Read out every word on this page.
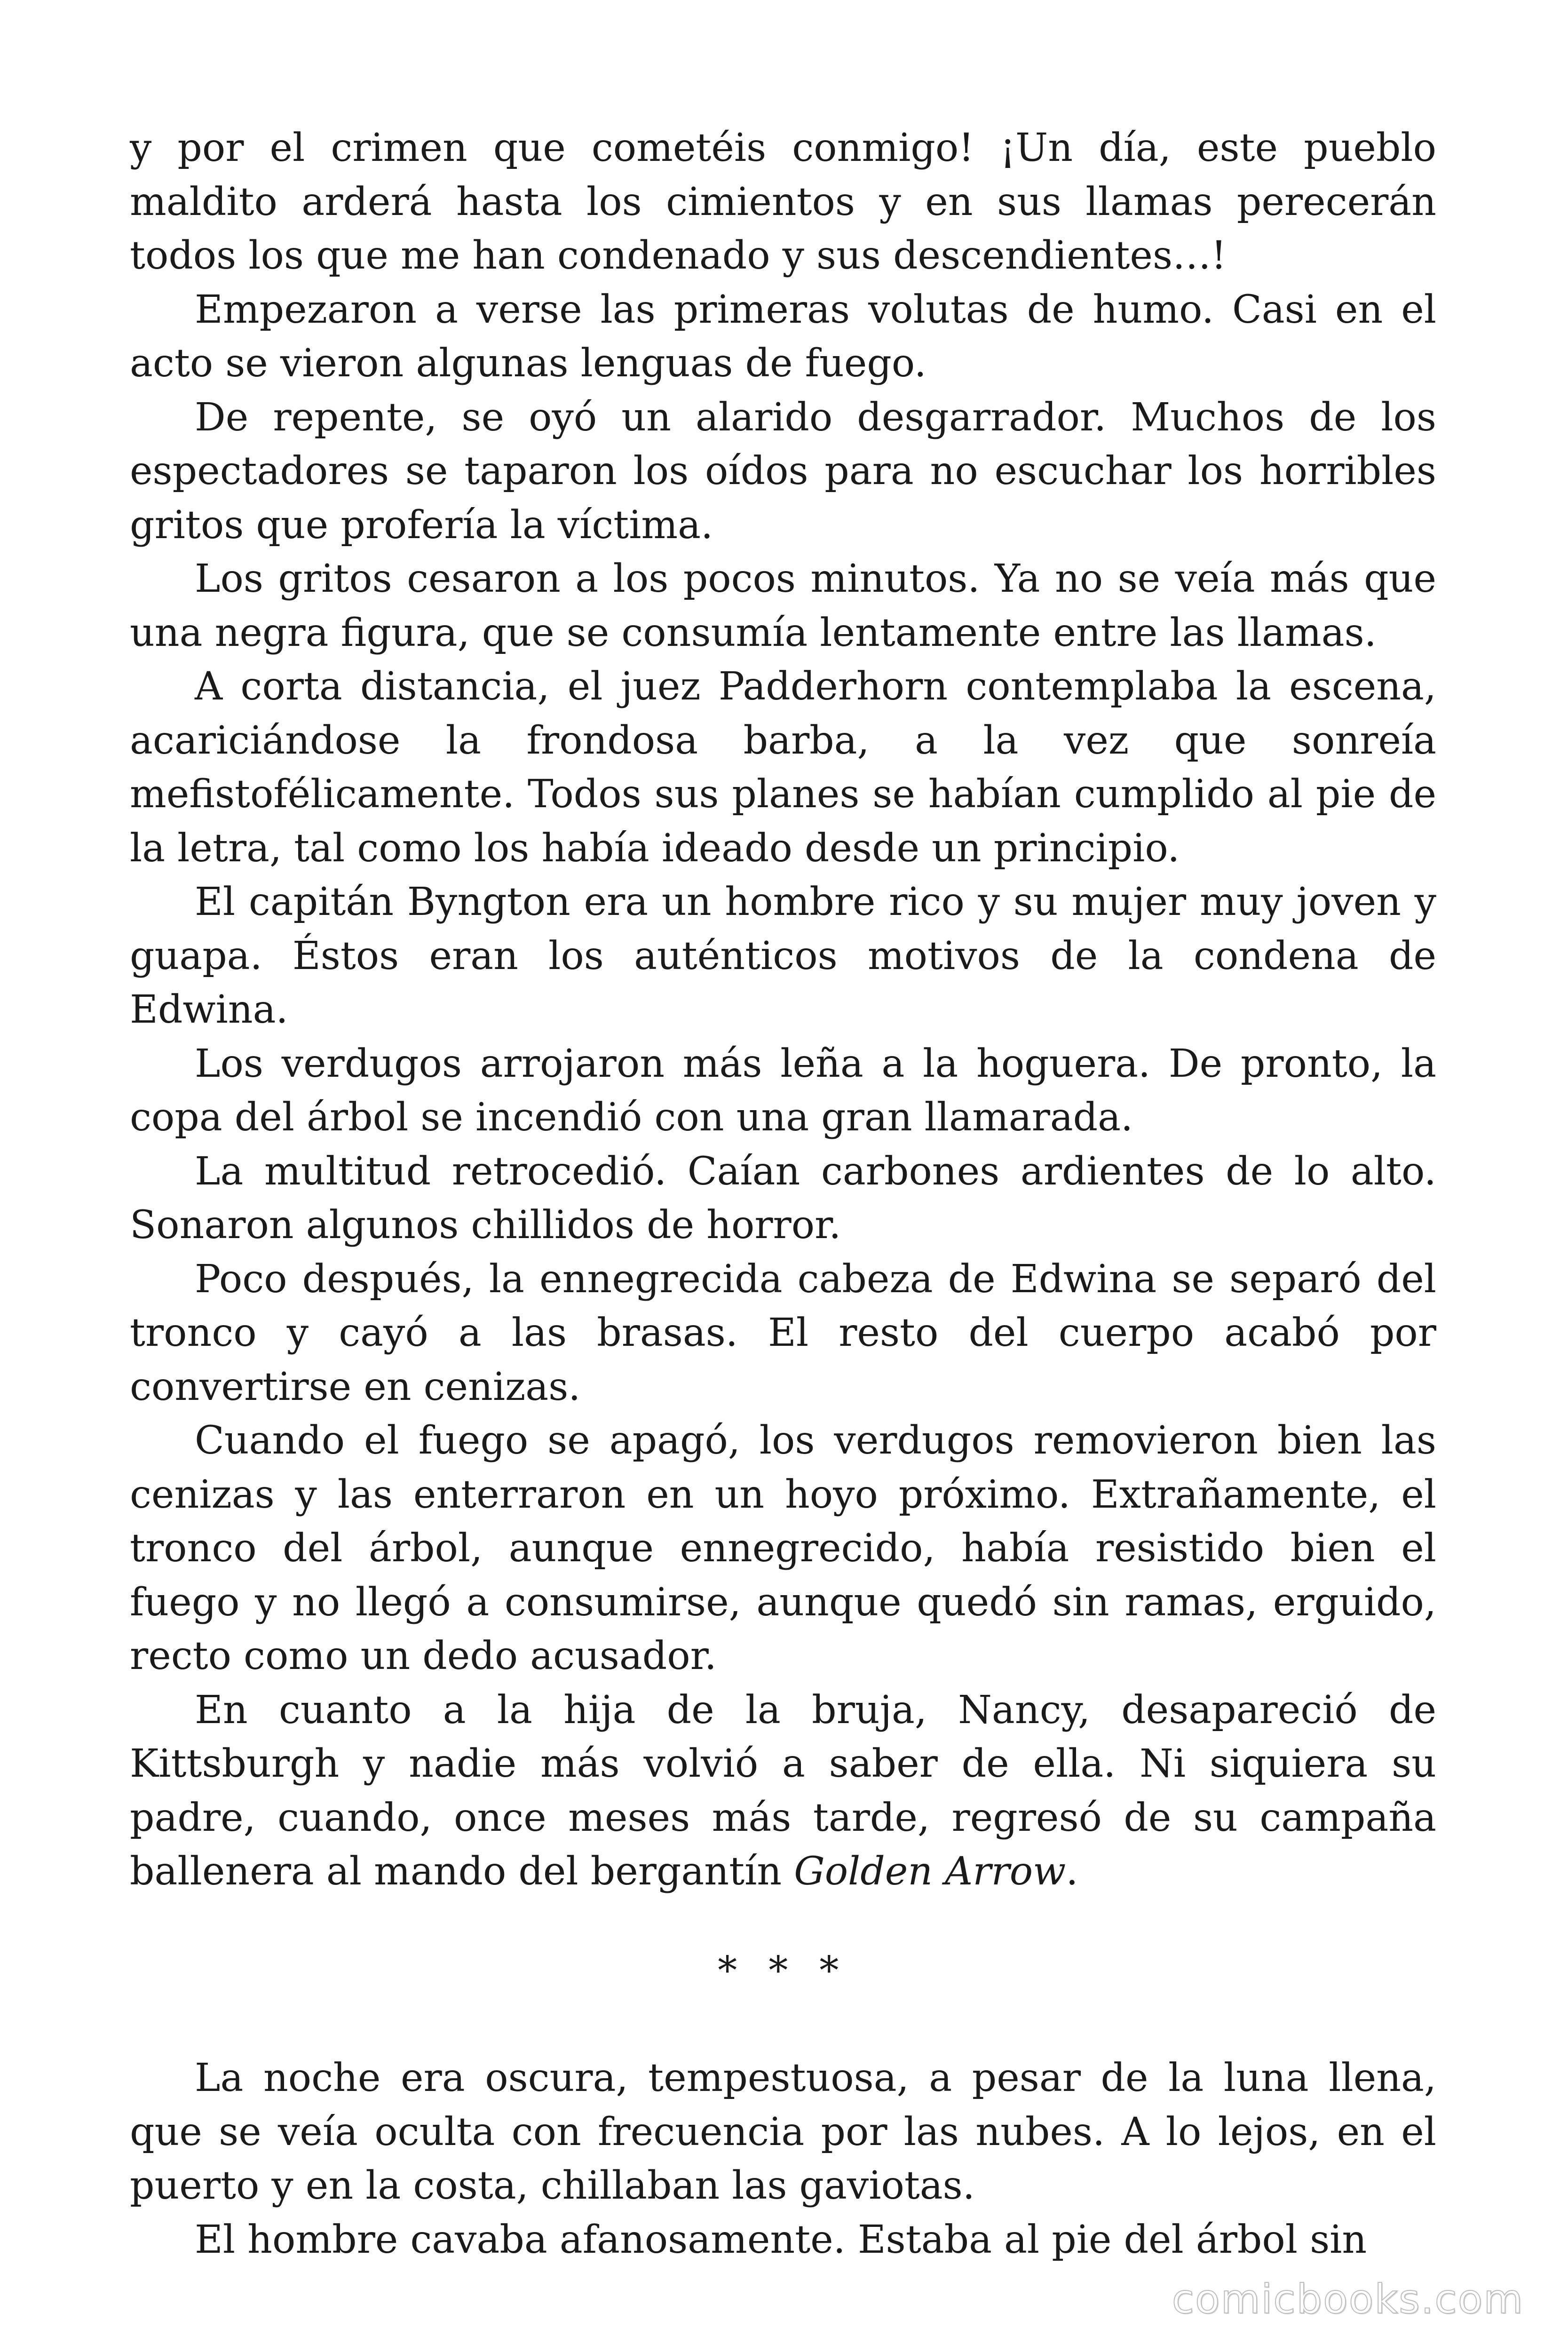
y por el crimen que cometéis conmigo! ¡Un día, este pueblo maldito arderá hasta los cimientos y en sus llamas perecerán todos los que me han condenado y sus descendientes…!

Empezaron a verse las primeras volutas de humo. Casi en el acto se vieron algunas lenguas de fuego.

De repente, se oyó un alarido desgarrador. Muchos de los espectadores se taparon los oídos para no escuchar los horribles gritos que profería la víctima.

Los gritos cesaron a los pocos minutos. Ya no se veía más que una negra figura, que se consumía lentamente entre las llamas.

A corta distancia, el juez Padderhorn contemplaba la escena, acariciándose la frondosa barba, a la vez que sonreía mefistofélicamente. Todos sus planes se habían cumplido al pie de la letra, tal como los había ideado desde un principio.

El capitán Byngton era un hombre rico y su mujer muy joven y guapa. Éstos eran los auténticos motivos de la condena de Edwina.

Los verdugos arrojaron más leña a la hoguera. De pronto, la copa del árbol se incendió con una gran llamarada.

La multitud retrocedió. Caían carbones ardientes de lo alto. Sonaron algunos chillidos de horror.

Poco después, la ennegrecida cabeza de Edwina se separó del tronco y cayó a las brasas. El resto del cuerpo acabó por convertirse en cenizas.

Cuando el fuego se apagó, los verdugos removieron bien las cenizas y las enterraron en un hoyo próximo. Extrañamente, el tronco del árbol, aunque ennegrecido, había resistido bien el fuego y no llegó a consumirse, aunque quedó sin ramas, erguido, recto como un dedo acusador.

En cuanto a la hija de la bruja, Nancy, desapareció de Kittsburgh y nadie más volvió a saber de ella. Ni siquiera su padre, cuando, once meses más tarde, regresó de su campaña ballenera al mando del bergantín Golden Arrow.

* * *

La noche era oscura, tempestuosa, a pesar de la luna llena, que se veía oculta con frecuencia por las nubes. A lo lejos, en el puerto y en la costa, chillaban las gaviotas.

El hombre cavaba afanosamente. Estaba al pie del árbol sin

comicbooks.com
